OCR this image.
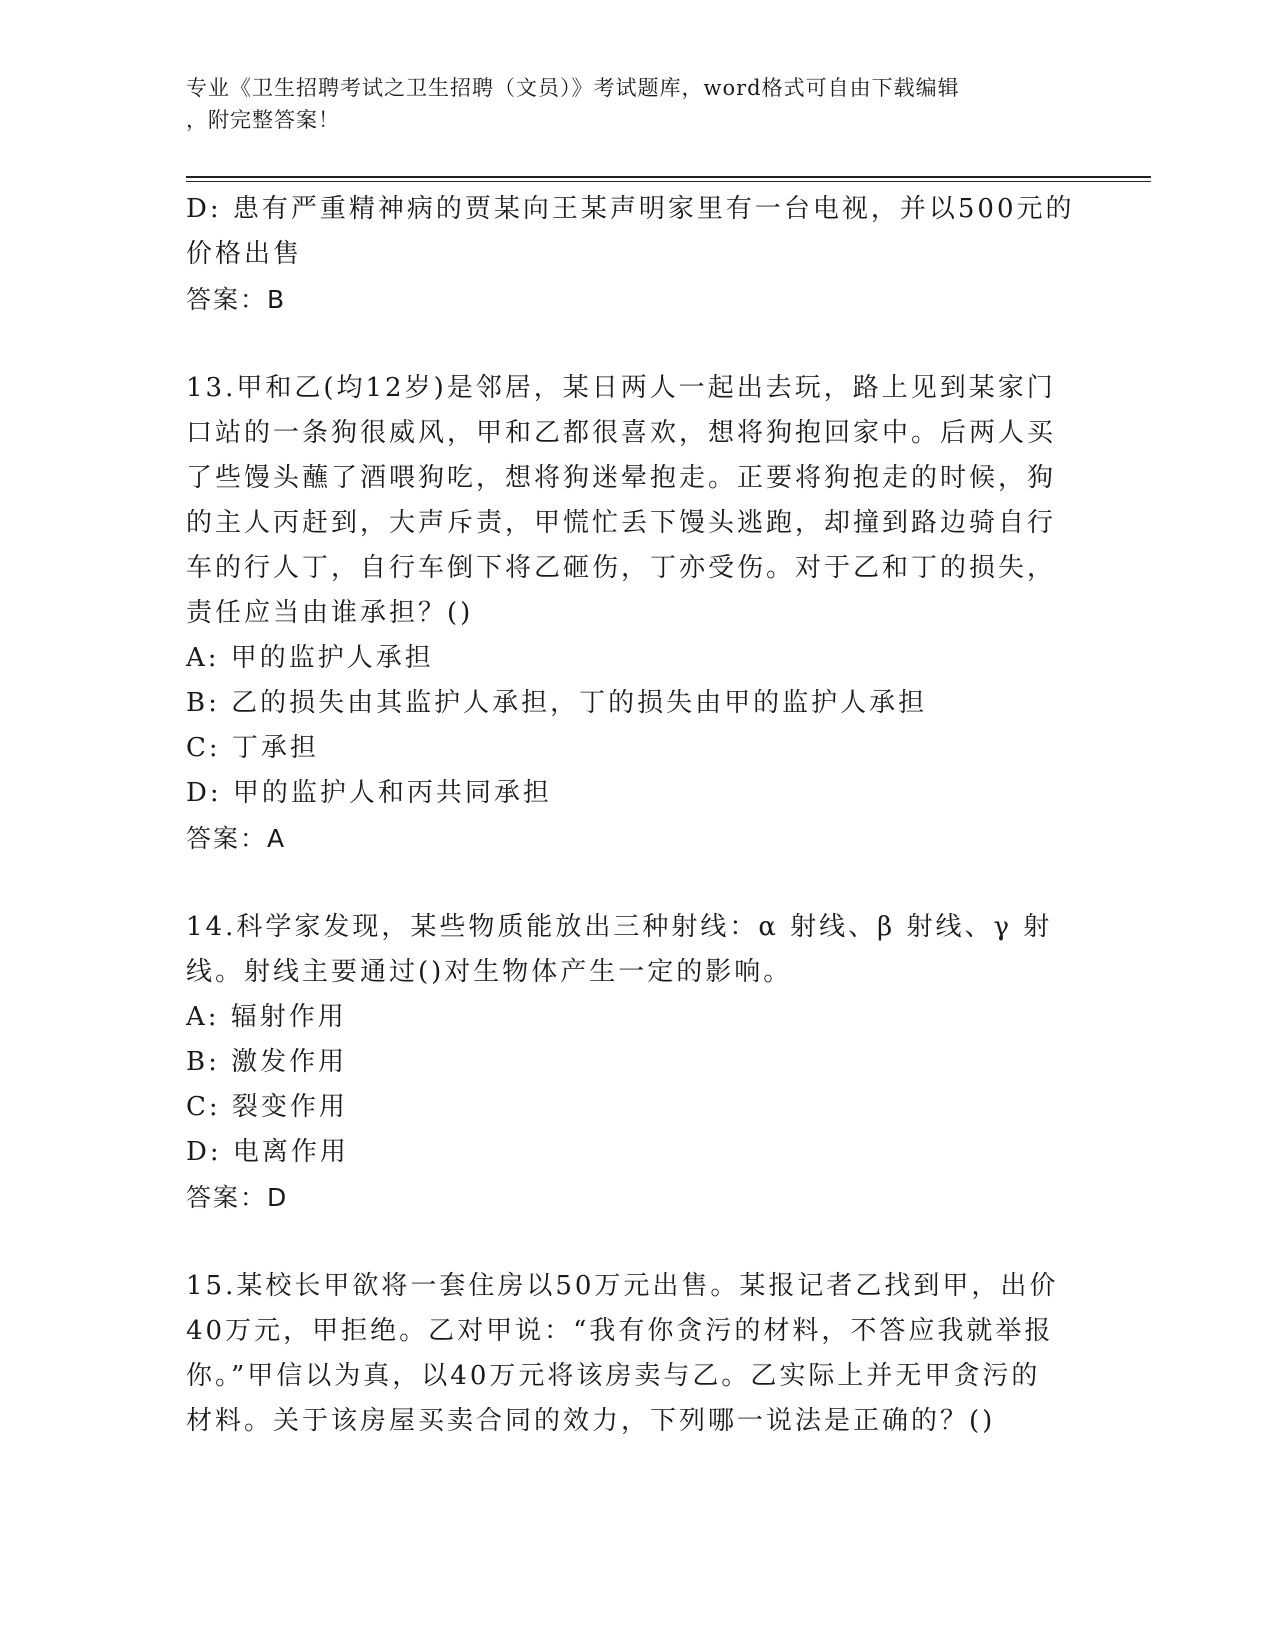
专业《卫生招聘考试之卫生招聘（文员）》考试题库，word格式可自由下载编辑
，附完整答案！
D: 患有严重精神病的贾某向王某声明家里有一台电视，并以500元的
价格出售
答案：B
13.甲和乙(均12岁)是邻居，某日两人一起出去玩，路上见到某家门
口站的一条狗很威风，甲和乙都很喜欢，想将狗抱回家中。后两人买
了些馒头蘸了酒喂狗吃，想将狗迷晕抱走。正要将狗抱走的时候，狗
的主人丙赶到，大声斥责，甲慌忙丢下馒头逃跑，却撞到路边骑自行
车的行人丁，自行车倒下将乙砸伤，丁亦受伤。对于乙和丁的损失，
责任应当由谁承担？()
A: 甲的监护人承担
B: 乙的损失由其监护人承担，丁的损失由甲的监护人承担
C: 丁承担
D: 甲的监护人和丙共同承担
答案：A
14.科学家发现，某些物质能放出三种射线：α 射线、β 射线、γ 射
线。射线主要通过()对生物体产生一定的影响。
A: 辐射作用
B: 激发作用
C: 裂变作用
D: 电离作用
答案：D
15.某校长甲欲将一套住房以50万元出售。某报记者乙找到甲，出价
40万元，甲拒绝。乙对甲说：“我有你贪污的材料，不答应我就举报
你。”甲信以为真，以40万元将该房卖与乙。乙实际上并无甲贪污的
材料。关于该房屋买卖合同的效力，下列哪一说法是正确的？()
